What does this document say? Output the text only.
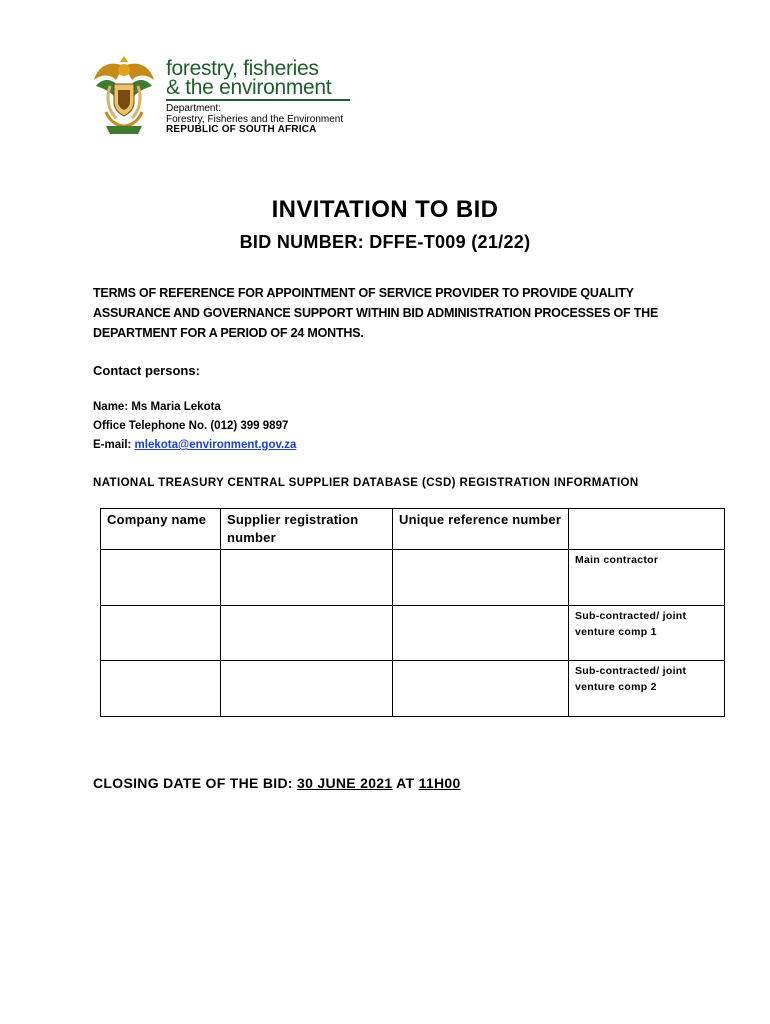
forestry, fisheries
& the environment
Department:
Forestry, Fisheries and the Environment
REPUBLIC OF SOUTH AFRICA
INVITATION TO BID
BID NUMBER: DFFE-T009 (21/22)
TERMS OF REFERENCE FOR APPOINTMENT OF SERVICE PROVIDER TO PROVIDE QUALITY ASSURANCE AND GOVERNANCE SUPPORT WITHIN BID ADMINISTRATION PROCESSES OF THE DEPARTMENT FOR A PERIOD OF 24 MONTHS.
Contact persons:
Name: Ms Maria Lekota
Office Telephone No. (012) 399 9897
E-mail: mlekota@environment.gov.za
NATIONAL TREASURY CENTRAL SUPPLIER DATABASE (CSD) REGISTRATION INFORMATION
Company name	Supplier registration number	Unique reference number	
			Main contractor
			Sub-contracted/ joint venture comp 1
			Sub-contracted/ joint venture comp 2
CLOSING DATE OF THE BID: 30 JUNE 2021 AT 11H00
